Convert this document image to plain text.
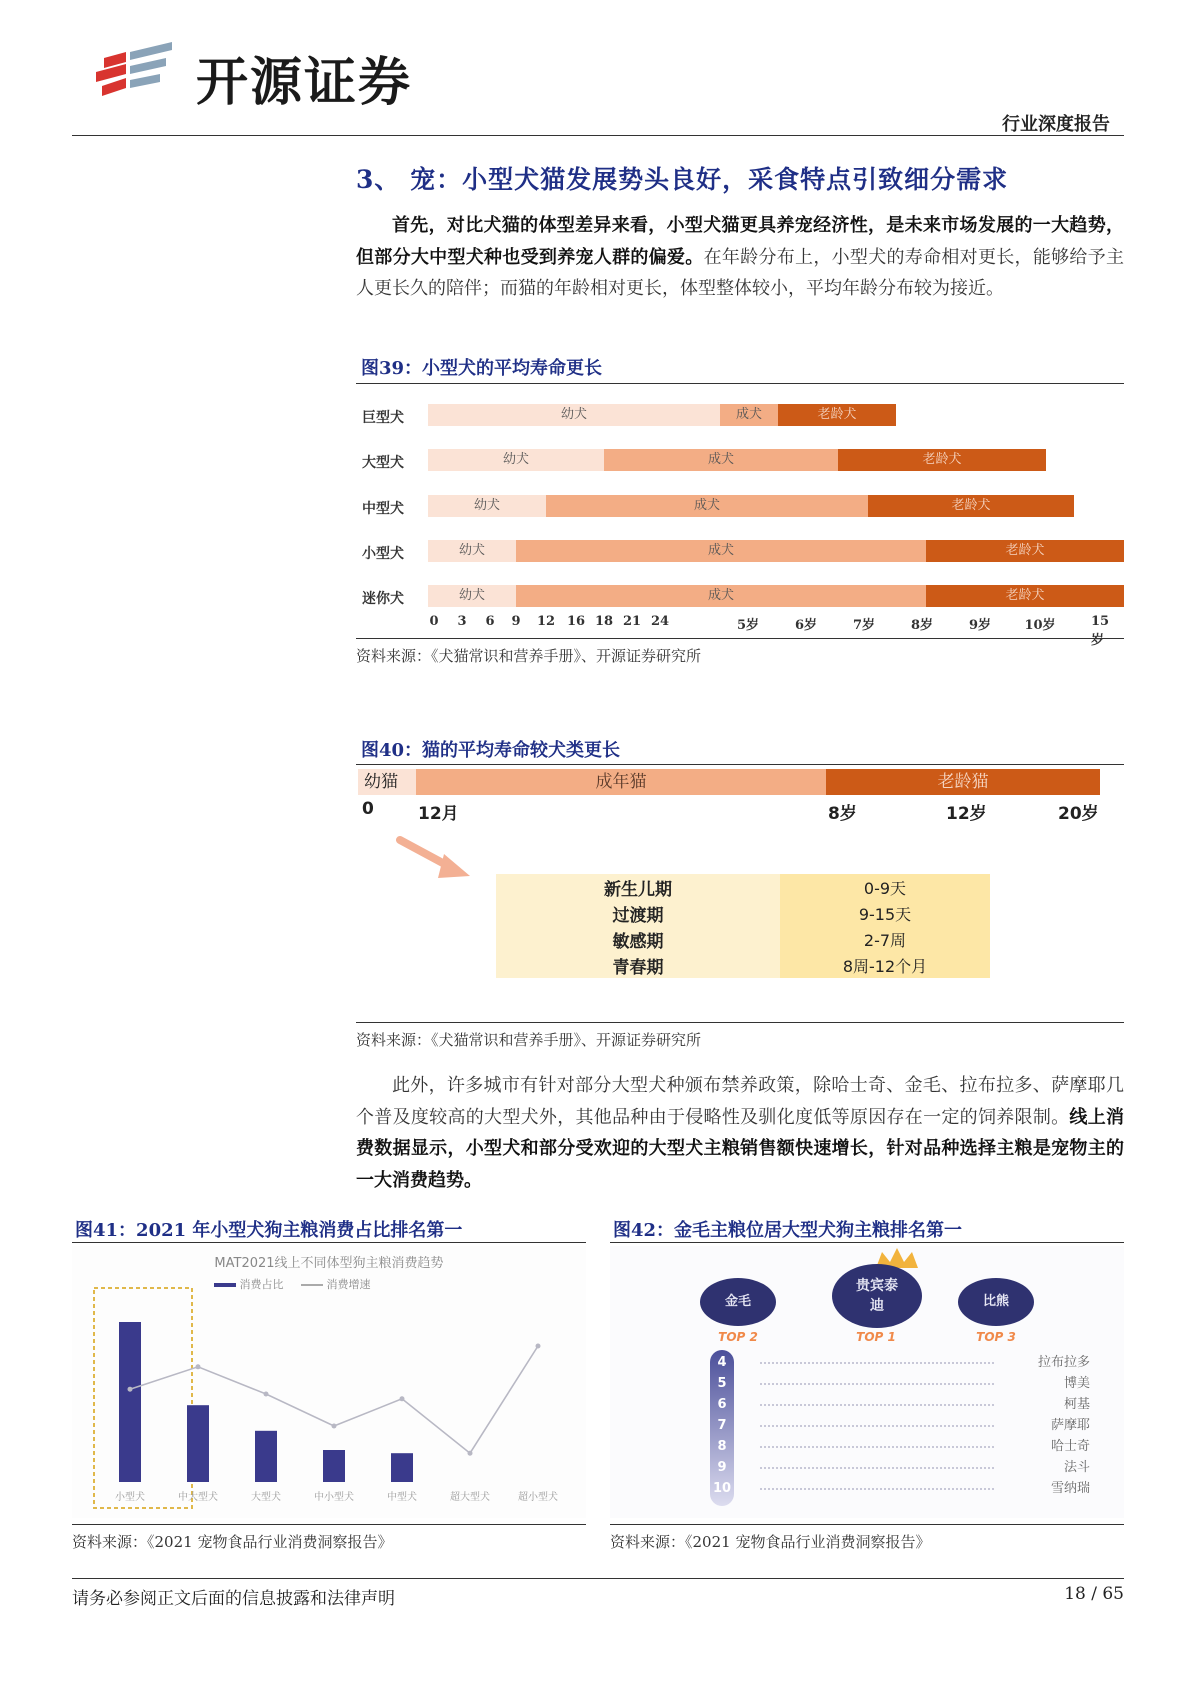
开源证券
行业深度报告
3、 宠：小型犬猫发展势头良好，采食特点引致细分需求
首先，对比犬猫的体型差异来看，小型犬猫更具养宠经济性，是未来市场发展的一大趋势，但部分大中型犬种也受到养宠人群的偏爱。在年龄分布上，小型犬的寿命相对更长，能够给予主人更长久的陪伴；而猫的年龄相对更长，体型整体较小，平均年龄分布较为接近。
图39：小型犬的平均寿命更长
巨型犬	幼犬	成犬	老龄犬
大型犬	幼犬	成犬	老龄犬
中型犬	幼犬	成犬	老龄犬
小型犬	幼犬	成犬	老龄犬
迷你犬	幼犬	成犬	老龄犬
0 3 6 9 12 16 18 21 24	5岁	6岁	7岁	8岁	9岁	10岁	15岁
资料来源：《犬猫常识和营养手册》、开源证券研究所
图40：猫的平均寿命较犬类更长
幼猫	成年猫	老龄猫
0	12月	8岁	12岁	20岁
新生儿期	0-9天
过渡期	9-15天
敏感期	2-7周
青春期	8周-12个月
资料来源：《犬猫常识和营养手册》、开源证券研究所
此外，许多城市有针对部分大型犬种颁布禁养政策，除哈士奇、金毛、拉布拉多、萨摩耶几个普及度较高的大型犬外，其他品种由于侵略性及驯化度低等原因存在一定的饲养限制。线上消费数据显示，小型犬和部分受欢迎的大型犬主粮销售额快速增长，针对品种选择主粮是宠物主的一大消费趋势。
图41：2021 年小型犬狗主粮消费占比排名第一
MAT2021线上不同体型狗主粮消费趋势
消费占比	消费增速
小型犬	中大型犬	大型犬	中小型犬	中型犬	超大型犬	超小型犬
资料来源：《2021 宠物食品行业消费洞察报告》
图42：金毛主粮位居大型犬狗主粮排名第一
金毛
贵宾泰迪	比熊
TOP 2	TOP 1	TOP 3
4
5
6
7
8
9
10
拉布拉多
博美
柯基
萨摩耶
哈士奇
法斗
雪纳瑞
资料来源：《2021 宠物食品行业消费洞察报告》
请务必参阅正文后面的信息披露和法律声明	18 / 65
